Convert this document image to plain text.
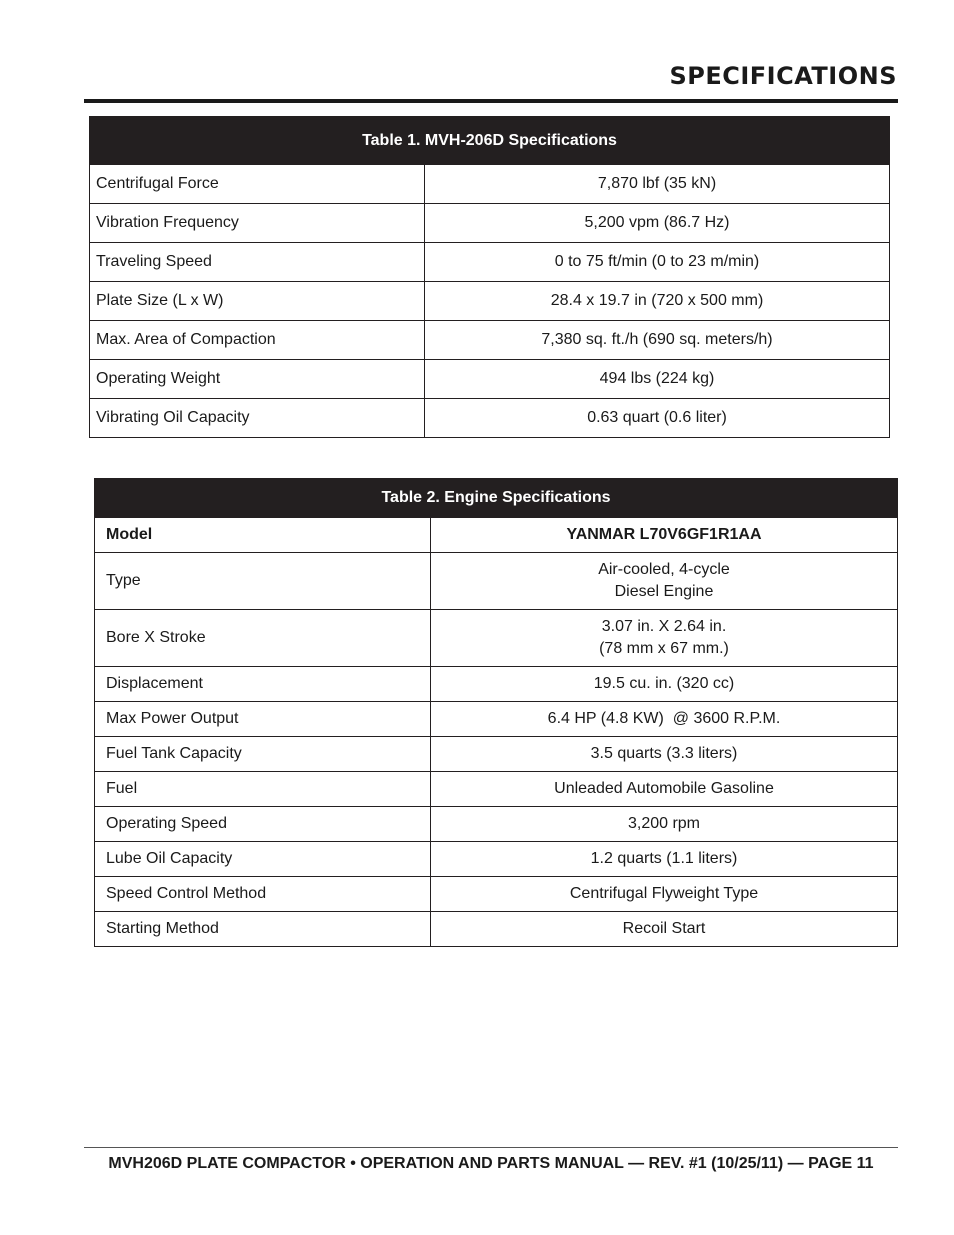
SPECIFICATIONS
Table 1. MVH-206D Specifications	
Centrifugal Force	7,870 lbf (35 kN)
Vibration Frequency	5,200 vpm (86.7 Hz)
Traveling Speed	0 to 75 ft/min (0 to 23 m/min)
Plate Size (L x W)	28.4 x 19.7 in (720 x 500 mm)
Max. Area of Compaction	7,380 sq. ft./h (690 sq. meters/h)
Operating Weight	494 lbs (224 kg)
Vibrating Oil Capacity	0.63 quart (0.6 liter)
Table 2. Engine Specifications	
Model	YANMAR L70V6GF1R1AA
Type	Air-cooled, 4-cycle
Diesel Engine

Bore X Stroke	3.07 in. X 2.64 in.
(78 mm x 67 mm.)

Displacement	19.5 cu. in. (320 cc)
Max Power Output	6.4 HP (4.8 KW)  @ 3600 R.P.M.
Fuel Tank Capacity	3.5 quarts (3.3 liters)
Fuel	Unleaded Automobile Gasoline
Operating Speed	3,200 rpm
Lube Oil Capacity	1.2 quarts (1.1 liters)
Speed Control Method	Centrifugal Flyweight Type
Starting Method	Recoil Start
MVH206D PLATE COMPACTOR • OPERATION AND PARTS MANUAL — REV. #1 (10/25/11) — PAGE 11
